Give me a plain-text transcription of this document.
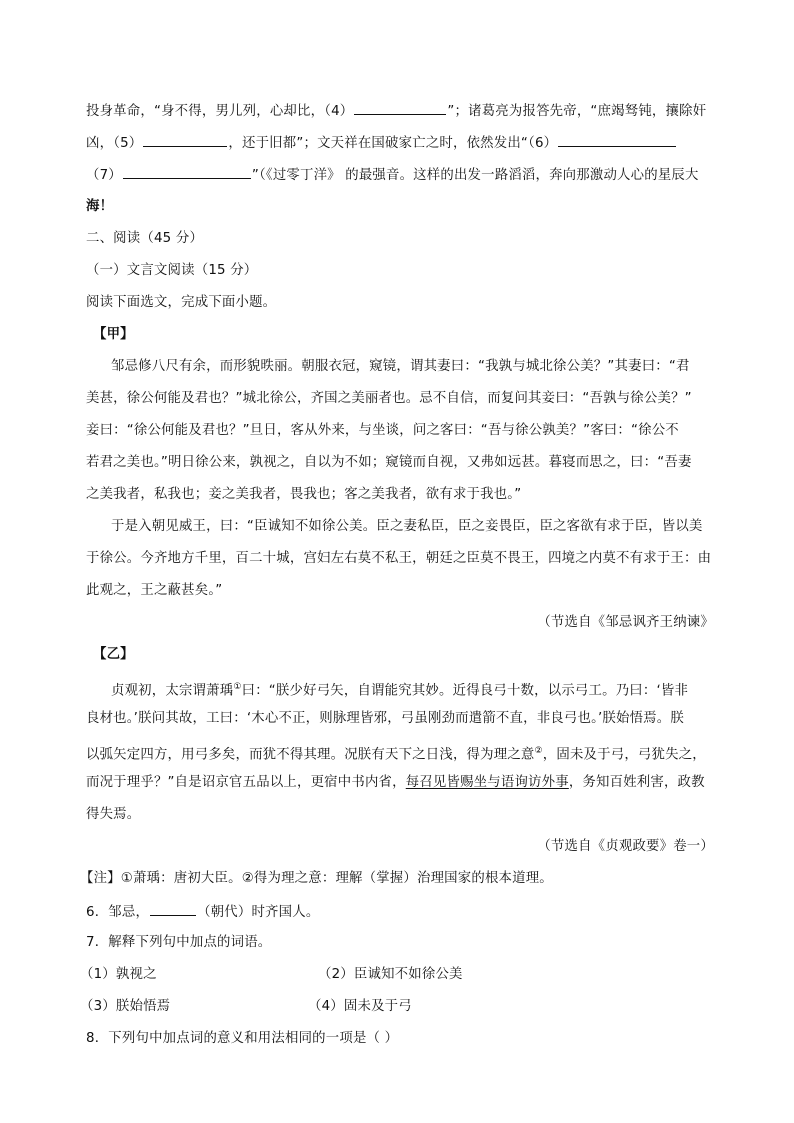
投身革命，“身不得，男儿列，心却比，（4）	”；诸葛亮为报答先帝，“庶竭驽钝，攘除奸
凶，（5）	，还于旧都”；文天祥在国破家亡之时，依然发出“（6）
（7）	”（《过零丁洋》 的最强音。这样的出发一路滔滔，奔向那激动人心的星辰大
海！
二、阅读（45 分）
（一）文言文阅读（15 分）
阅读下面选文，完成下面小题。
【甲】
邹忌修八尺有余，而形貌昳丽。朝服衣冠，窥镜，谓其妻曰：“我孰与城北徐公美？”其妻曰：“君
美甚，徐公何能及君也？”城北徐公，齐国之美丽者也。忌不自信，而复问其妾曰：“吾孰与徐公美？”
妾曰：“徐公何能及君也？”旦日，客从外来，与坐谈，问之客曰：“吾与徐公孰美？”客曰：“徐公不
若君之美也。”明日徐公来，孰视之，自以为不如；窥镜而自视，又弗如远甚。暮寝而思之，曰：“吾妻
之美我者，私我也；妾之美我者，畏我也；客之美我者，欲有求于我也。”
于是入朝见威王，曰：“臣诚知不如徐公美。臣之妻私臣，臣之妾畏臣，臣之客欲有求于臣，皆以美
于徐公。今齐地方千里，百二十城，宫妇左右莫不私王，朝廷之臣莫不畏王，四境之内莫不有求于王：由
此观之，王之蔽甚矣。”
（节选自《邹忌讽齐王纳谏》
【乙】
贞观初，太宗谓萧瑀①曰：“朕少好弓矢，自谓能究其妙。近得良弓十数，以示弓工。乃曰：‘皆非
良材也。’朕问其故，工曰：‘木心不正，则脉理皆邪，弓虽刚劲而遣箭不直，非良弓也。’朕始悟焉。朕
以弧矢定四方，用弓多矣，而犹不得其理。况朕有天下之日浅，得为理之意②，固未及于弓，弓犹失之，
而况于理乎？”自是诏京官五品以上，更宿中书内省，每召见皆赐坐与语询访外事，务知百姓利害，政教
得失焉。
（节选自《贞观政要》卷一）
【注】①萧瑀：唐初大臣。②得为理之意：理解（掌握）治理国家的根本道理。
6．邹忌，	（朝代）时齐国人。
7．解释下列句中加点的词语。
（1）孰视之	（2）臣诚知不如徐公美
（3）朕始悟焉	（4）固未及于弓
8．下列句中加点词的意义和用法相同的一项是（ ）
